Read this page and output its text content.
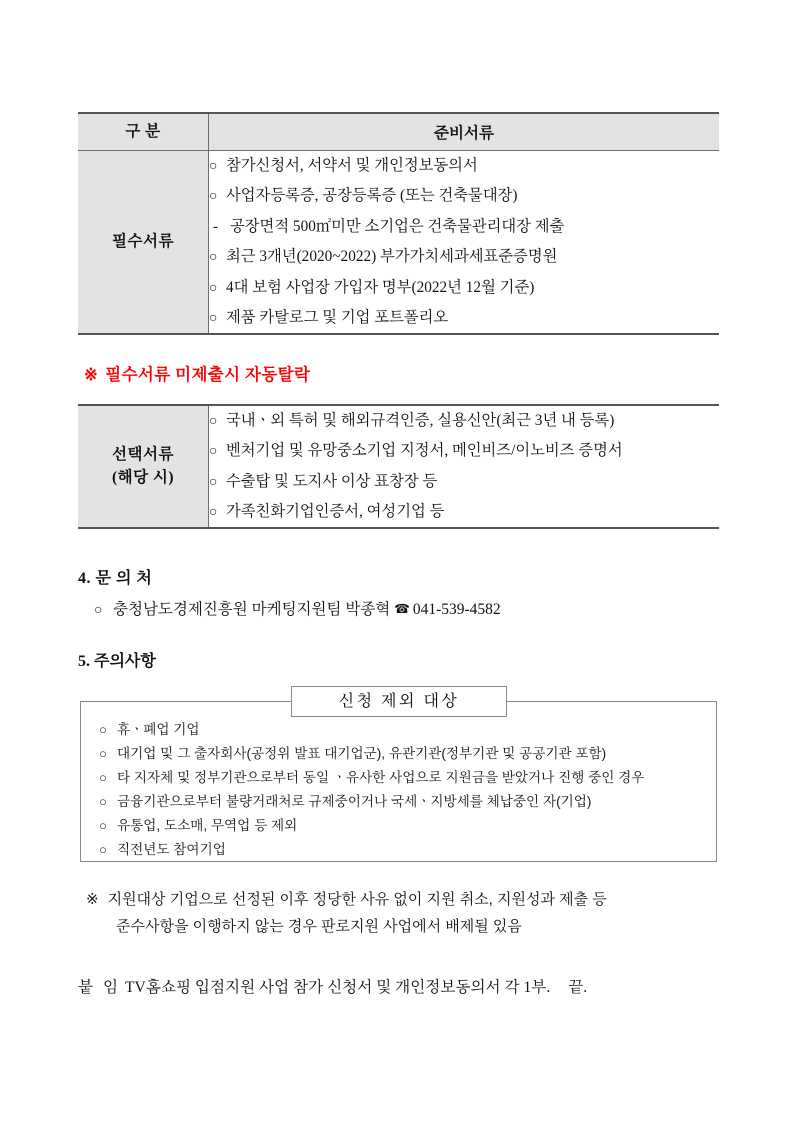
구 분	준비서류
필수서류	
○ 참가신청서, 서약서 및 개인정보동의서
○ 사업자등록증, 공장등록증 (또는 건축물대장)
- 공장면적 500㎡미만 소기업은 건축물관리대장 제출
○ 최근 3개년(2020~2022) 부가가치세과세표준증명원
○ 4대 보험 사업장 가입자 명부(2022년 12월 기준)
○ 제품 카탈로그 및 기업 포트폴리오
※ 필수서류 미제출시 자동탈락
선택서류
(해당 시)	
○ 국내ㆍ외 특허 및 해외규격인증, 실용신안(최근 3년 내 등록)
○ 벤처기업 및 유망중소기업 지정서, 메인비즈/이노비즈 증명서
○ 수출탑 및 도지사 이상 표창장 등
○ 가족친화기업인증서, 여성기업 등
4. 문 의 처
○ 충청남도경제진흥원 마케팅지원팀 박종혁 ☎ 041-539-4582
5. 주의사항
○ 휴ㆍ폐업 기업
○ 대기업 및 그 출자회사(공정위 발표 대기업군), 유관기관(정부기관 및 공공기관 포함)
○ 타 지자체 및 정부기관으로부터 동일 ㆍ유사한 사업으로 지원금을 받았거나 진행 중인 경우
○ 금융기관으로부터 불량거래처로 규제중이거나 국세ㆍ지방세를 체납중인 자(기업)
○ 유통업, 도소매, 무역업 등 제외
○ 직전년도 참여기업
신청 제외 대상
※ 지원대상 기업으로 선정된 이후 정당한 사유 없이 지원 취소, 지원성과 제출 등
준수사항을 이행하지 않는 경우 판로지원 사업에서 배제될 있음
붙 임 TV홈쇼핑 입점지원 사업 참가 신청서 및 개인정보동의서 각 1부. 끝.
